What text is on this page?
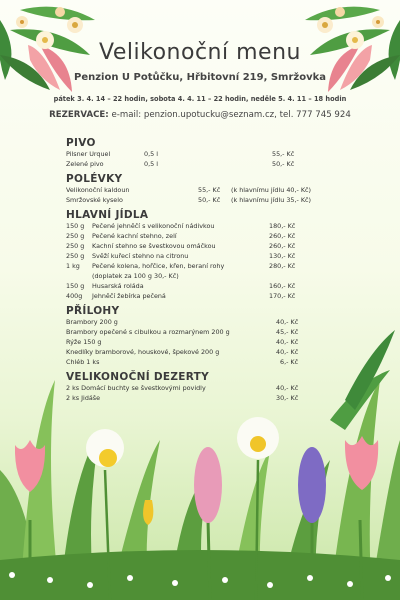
Velikonoční menu
Penzion U Potůčku, Hřbitovní 219, Smržovka
pátek 3. 4. 14 – 22 hodin, sobota 4. 4. 11 – 22 hodin, neděle 5. 4. 11 – 18 hodin
REZERVACE: e-mail: penzion.upotucku@seznam.cz, tel. 777 745 924
PIVO
Pilsner Urquel	0,5 l	55,- Kč
Zelené pivo	0,5 l	50,- Kč
POLÉVKY
Velikonoční kaldoun	55,- Kč (k hlavnímu jídlu 40,- Kč)
Smržovské kyselo	50,- Kč (k hlavnímu jídlu 35,- Kč)
HLAVNÍ JÍDLA
150 g Pečené jehněčí s velikonoční nádivkou	180,- Kč
250 g Pečené kachní stehno, zelí	260,- Kč
250 g Kachní stehno se švestkovou omáčkou	260,- Kč
250 g Svěží kuřecí stehno na citronu	130,- Kč
1 kg Pečené kolena, hořčice, křen, beraní rohy	280,- Kč
(doplatek za 100 g 30,- Kč)
150 g Husarská roláda	160,- Kč
400g Jehněčí žebírka pečená	170,- Kč
PŘÍLOHY
Brambory 200 g	40,- Kč
Brambory opečené s cibulkou a rozmarýnem 200 g	45,- Kč
Rýže 150 g	40,- Kč
Knedlíky bramborové, houskové, špekové 200 g	40,- Kč
Chléb 1 ks	6,- Kč
VELIKONOČNÍ DEZERTY
2 ks Domácí buchty se švestkovými povidly	40,- Kč
2 ks Jidáše	30,- Kč
